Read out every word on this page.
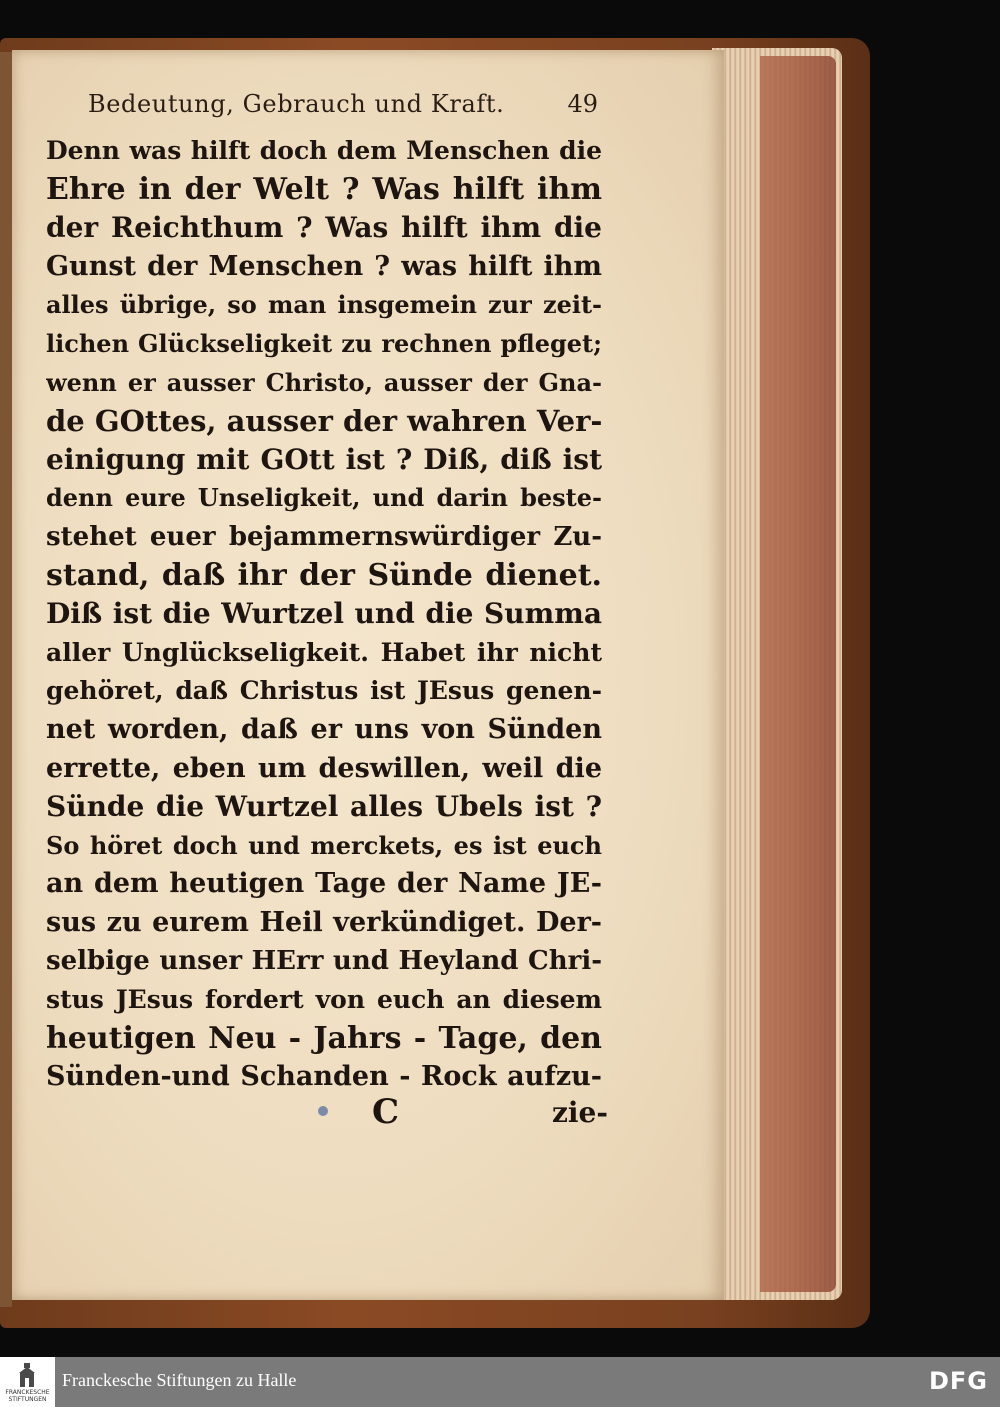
Bedeutung, Gebrauch und Kraft.	49
Denn was hilft doch dem Menschen die
Ehre in der Welt ? Was hilft ihm
der Reichthum ? Was hilft ihm die
Gunst der Menschen ? was hilft ihm
alles übrige, so man insgemein zur zeit-
lichen Glückseligkeit zu rechnen pfleget;
wenn er ausser Christo, ausser der Gna-
de GOttes, ausser der wahren Ver-
einigung mit GOtt ist ? Diß, diß ist
denn eure Unseligkeit, und darin beste-
stehet euer bejammernswürdiger Zu-
stand, daß ihr der Sünde dienet.
Diß ist die Wurtzel und die Summa
aller Unglückseligkeit. Habet ihr nicht
gehöret, daß Christus ist JEsus genen-
net worden, daß er uns von Sünden
errette, eben um deswillen, weil die
Sünde die Wurtzel alles Ubels ist ?
So höret doch und merckets, es ist euch
an dem heutigen Tage der Name JE-
sus zu eurem Heil verkündiget. Der-
selbige unser HErr und Heyland Chri-
stus JEsus fordert von euch an diesem
heutigen Neu - Jahrs - Tage, den
Sünden-und Schanden - Rock aufzu-
C	zie-
FRANCKESCHE STIFTUNGEN
Franckesche Stiftungen zu Halle	DFG
